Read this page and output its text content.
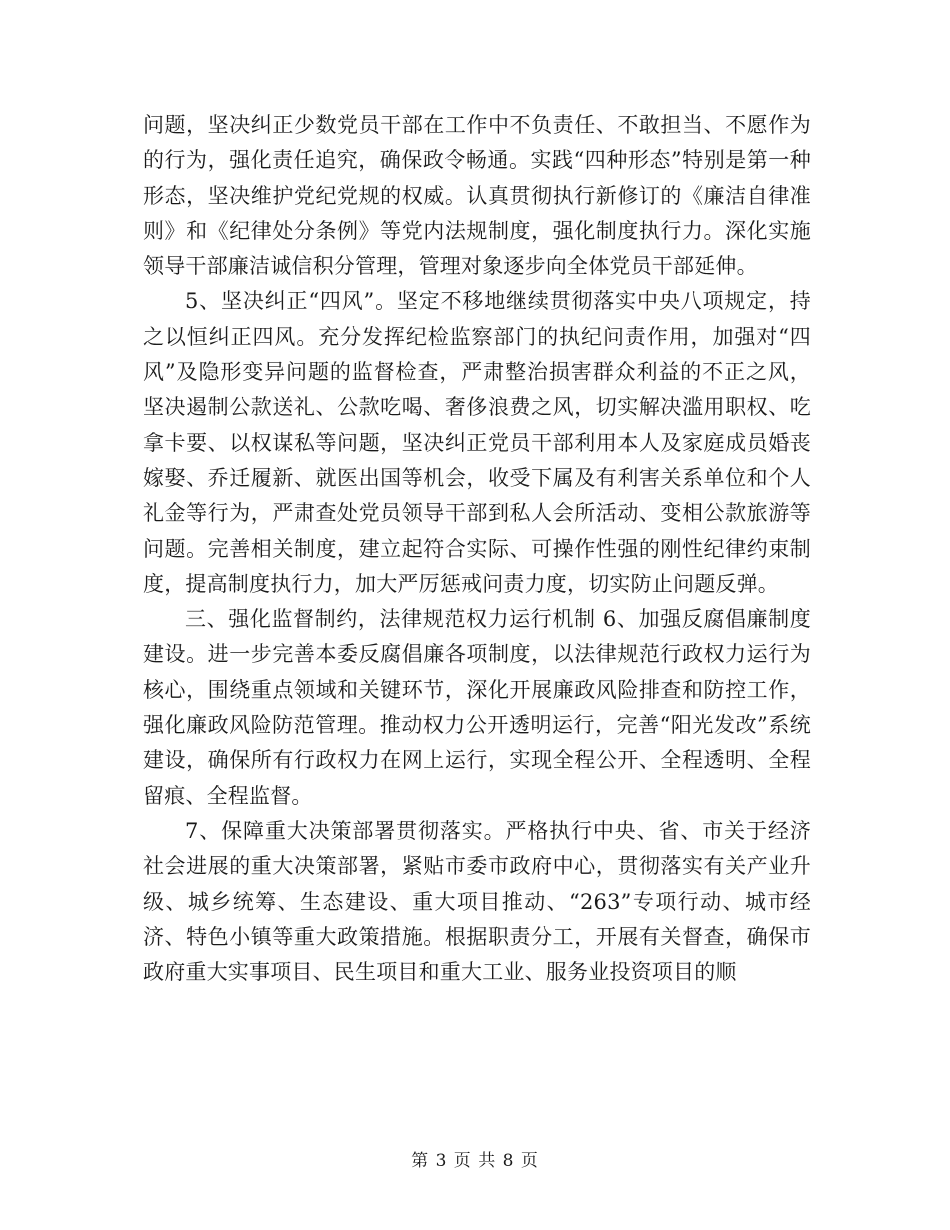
问题，坚决纠正少数党员干部在工作中不负责任、不敢担当、不愿作为的行为，强化责任追究，确保政令畅通。实践“四种形态”特别是第一种形态，坚决维护党纪党规的权威。认真贯彻执行新修订的《廉洁自律准则》和《纪律处分条例》等党内法规制度，强化制度执行力。深化实施领导干部廉洁诚信积分管理，管理对象逐步向全体党员干部延伸。

5、坚决纠正“四风”。坚定不移地继续贯彻落实中央八项规定，持之以恒纠正四风。充分发挥纪检监察部门的执纪问责作用，加强对“四风”及隐形变异问题的监督检查，严肃整治损害群众利益的不正之风，坚决遏制公款送礼、公款吃喝、奢侈浪费之风，切实解决滥用职权、吃拿卡要、以权谋私等问题，坚决纠正党员干部利用本人及家庭成员婚丧嫁娶、乔迁履新、就医出国等机会，收受下属及有利害关系单位和个人礼金等行为，严肃查处党员领导干部到私人会所活动、变相公款旅游等问题。完善相关制度，建立起符合实际、可操作性强的刚性纪律约束制度，提高制度执行力，加大严厉惩戒问责力度，切实防止问题反弹。

三、强化监督制约，法律规范权力运行机制 6、加强反腐倡廉制度建设。进一步完善本委反腐倡廉各项制度，以法律规范行政权力运行为核心，围绕重点领域和关键环节，深化开展廉政风险排查和防控工作，强化廉政风险防范管理。推动权力公开透明运行，完善“阳光发改”系统建设，确保所有行政权力在网上运行，实现全程公开、全程透明、全程留痕、全程监督。

7、保障重大决策部署贯彻落实。严格执行中央、省、市关于经济社会进展的重大决策部署，紧贴市委市政府中心，贯彻落实有关产业升级、城乡统筹、生态建设、重大项目推动、“263”专项行动、城市经济、特色小镇等重大政策措施。根据职责分工，开展有关督查，确保市政府重大实事项目、民生项目和重大工业、服务业投资项目的顺

第 3 页 共 8 页
